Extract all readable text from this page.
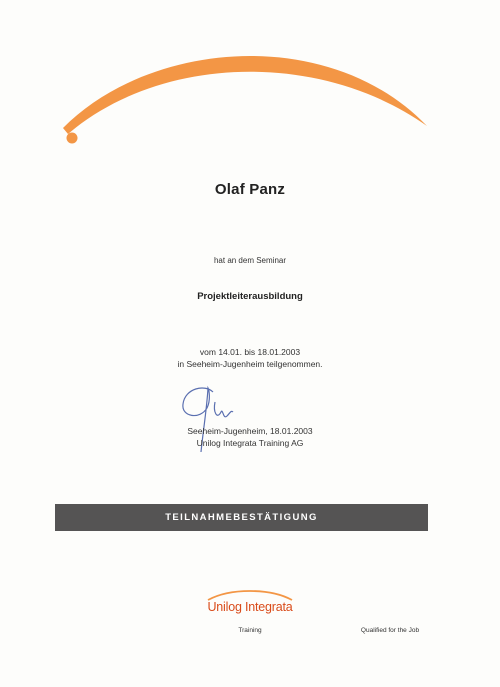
Olaf Panz
hat an dem Seminar
Projektleiterausbildung
vom 14.01. bis 18.01.2003
in Seeheim-Jugenheim teilgenommen.
Seeheim-Jugenheim, 18.01.2003
Unilog Integrata Training AG
TEILNAHMEBESTÄTIGUNG
Unilog Integrata
Training	Qualified for the Job
